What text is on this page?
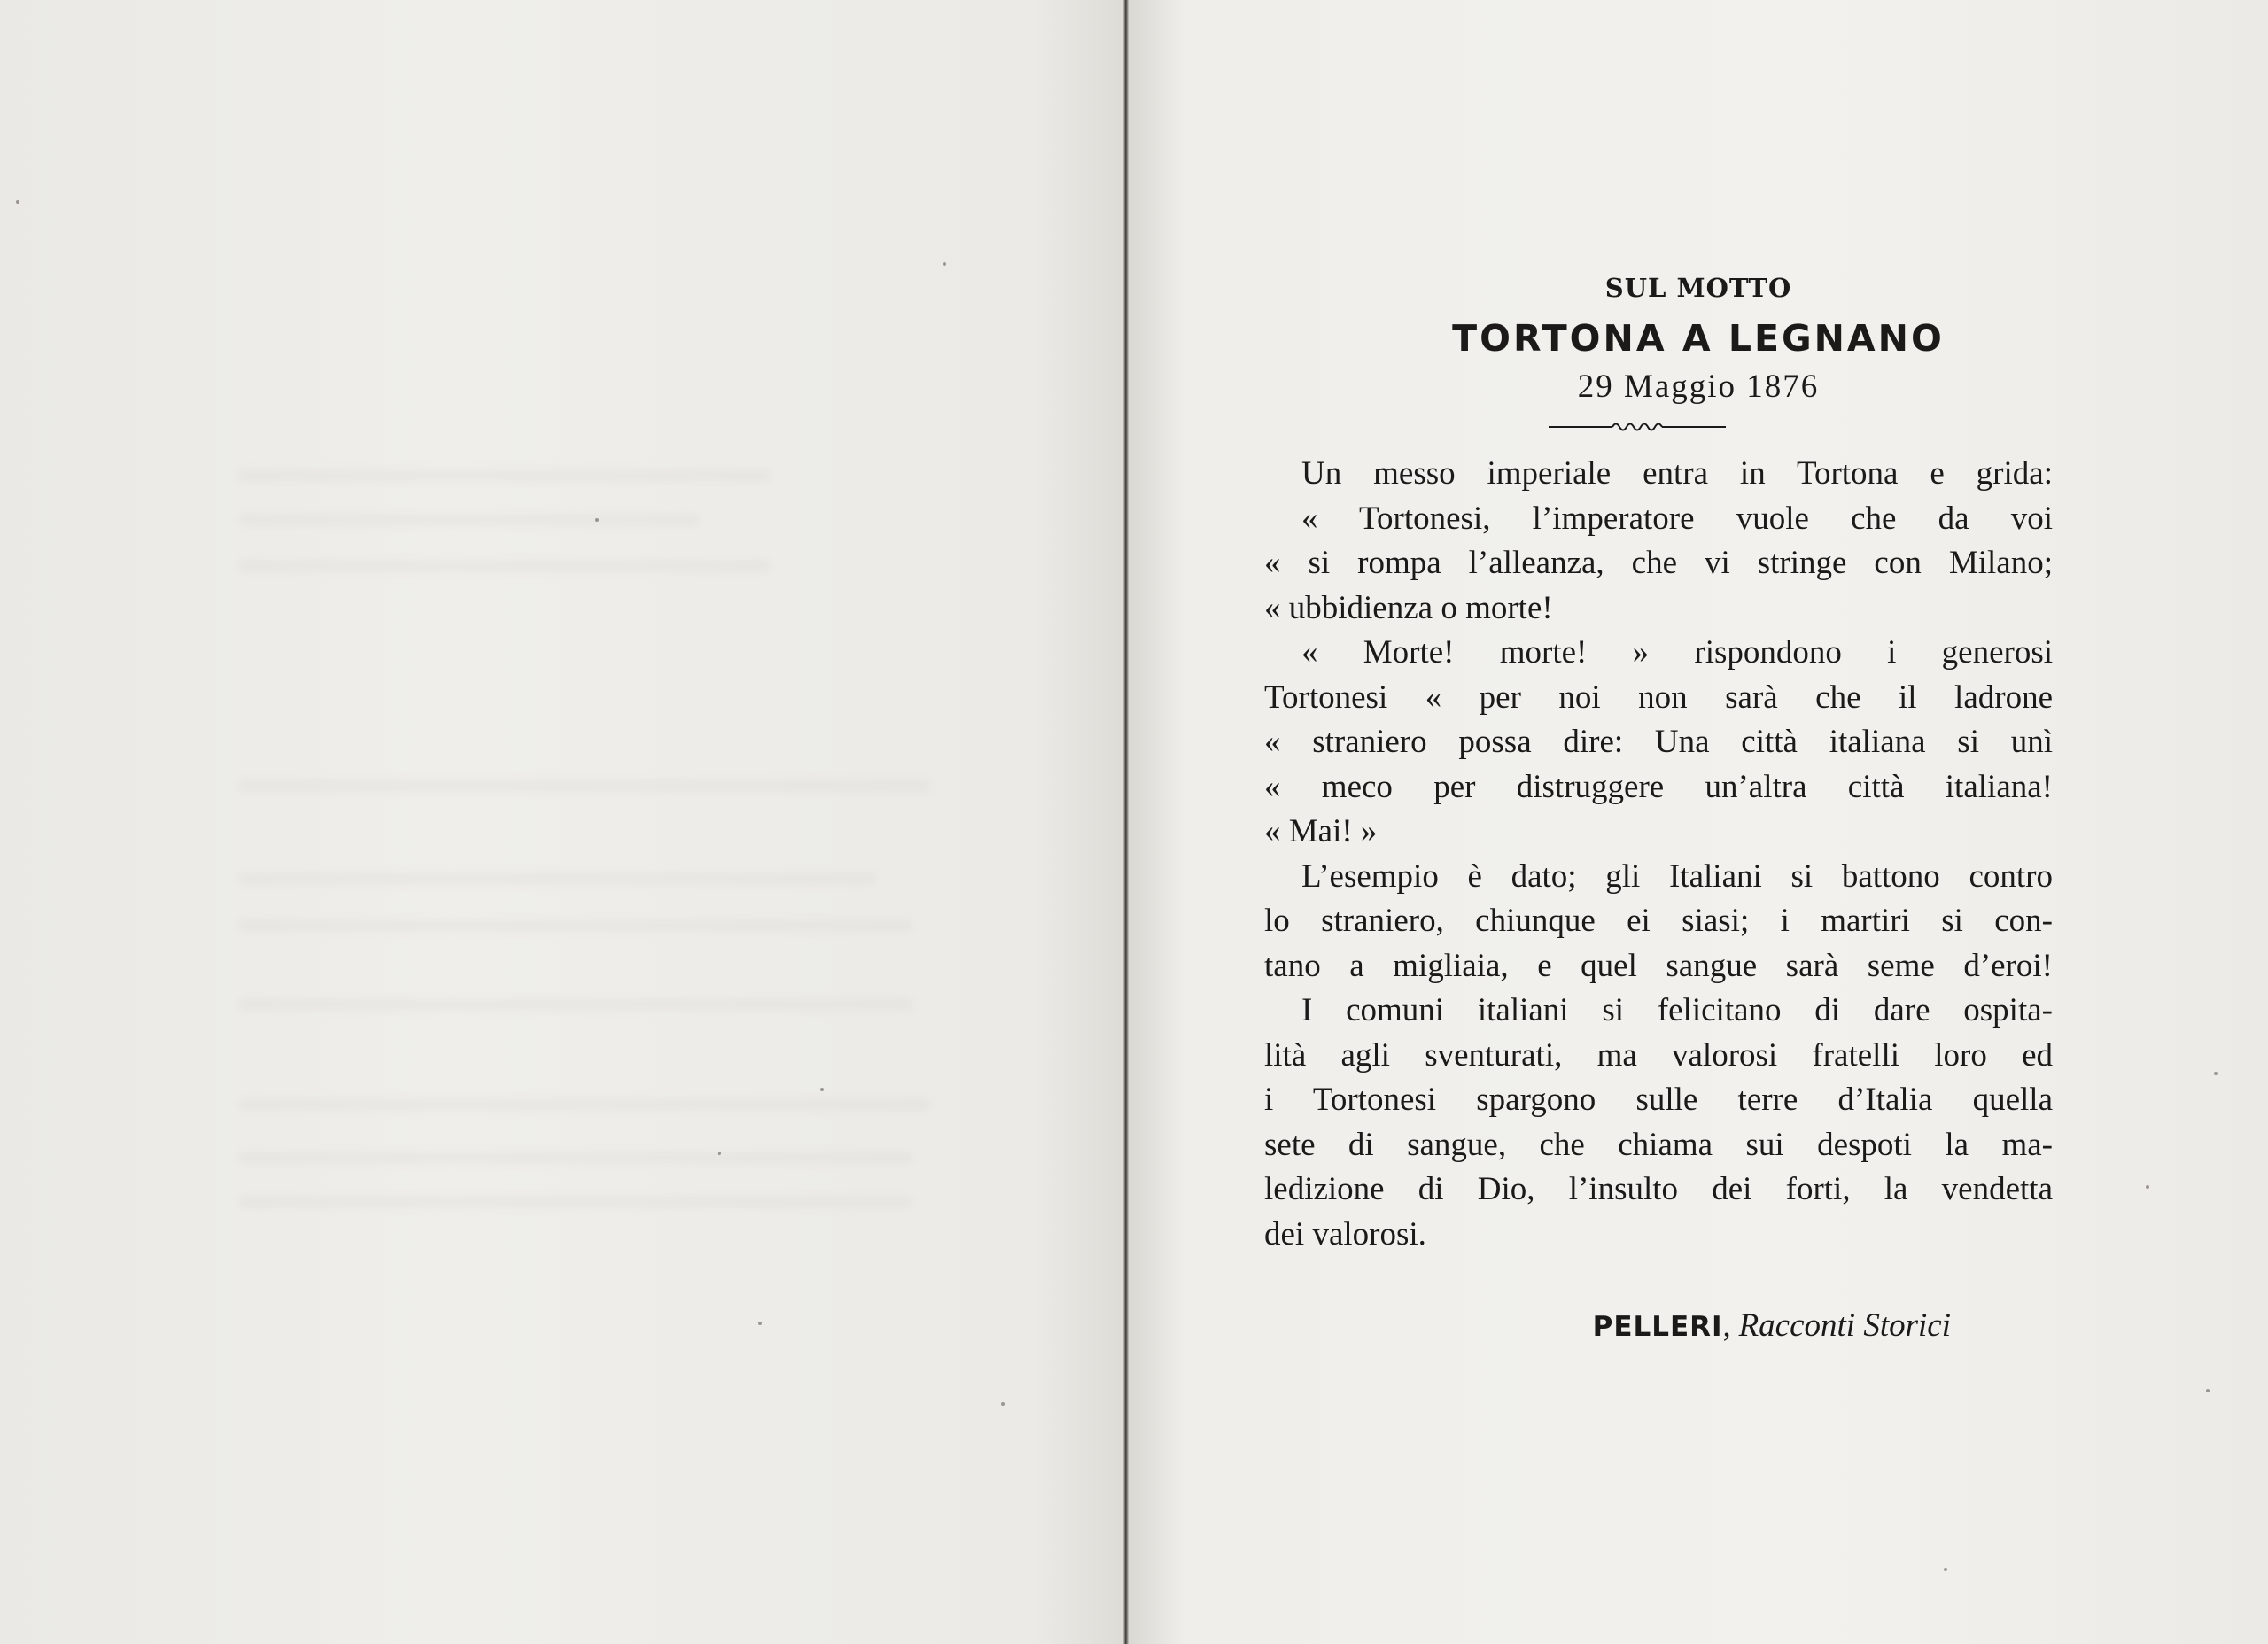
SUL MOTTO
TORTONA A LEGNANO
29 Maggio 1876
Un messo imperiale entra in Tortona e grida:
« Tortonesi, l’imperatore vuole che da voi
« si rompa l’alleanza, che vi stringe con Milano;
« ubbidienza o morte!
« Morte! morte! » rispondono i generosi
Tortonesi « per noi non sarà che il ladrone
« straniero possa dire: Una città italiana si unì
« meco per distruggere un’altra città italiana!
« Mai! »
L’esempio è dato; gli Italiani si battono contro
lo straniero, chiunque ei siasi; i martiri si con-
tano a migliaia, e quel sangue sarà seme d’eroi!
I comuni italiani si felicitano di dare ospita-
lità agli sventurati, ma valorosi fratelli loro ed
i Tortonesi spargono sulle terre d’Italia quella
sete di sangue, che chiama sui despoti la ma-
ledizione di Dio, l’insulto dei forti, la vendetta
dei valorosi.
PELLERI, Racconti Storici
